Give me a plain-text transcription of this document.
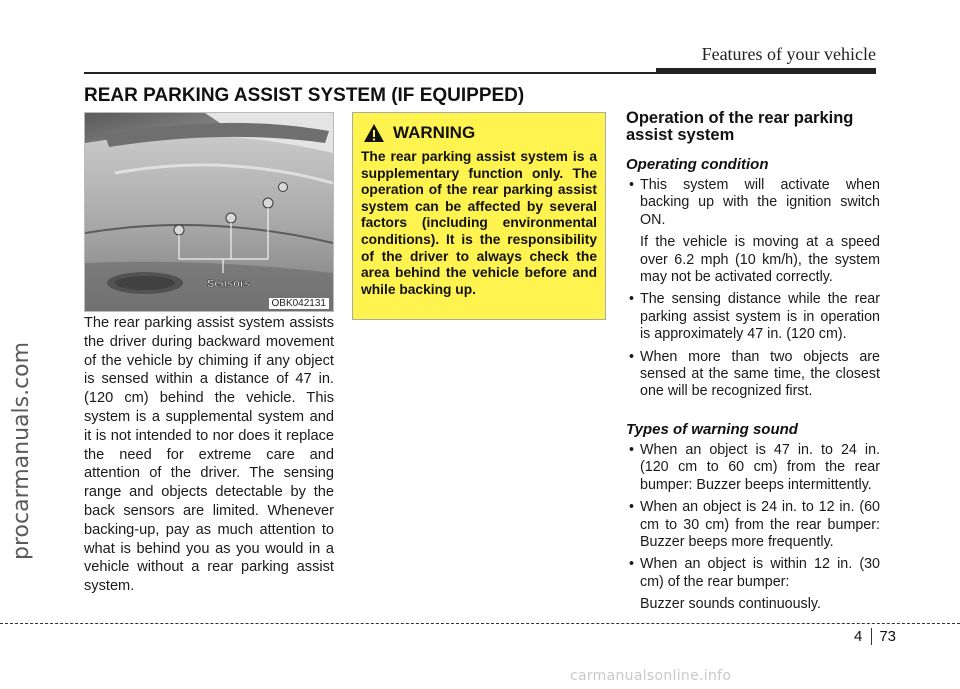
procarmanuals.com
Features of your vehicle
REAR PARKING ASSIST SYSTEM (IF EQUIPPED)
Sensors
OBK042131

The rear parking assist system assists the driver during backward movement of the vehicle by chiming if any object is sensed within a distance of 47 in. (120 cm) behind the vehicle. This system is a supplemental system and it is not intended to nor does it replace the need for extreme care and attention of the driver. The sensing range and objects detectable by the back sensors are limited. Whenever backing-up, pay as much attention to what is behind you as you would in a vehicle without a rear parking assist system.

WARNING

The rear parking assist system is a supplementary function only. The operation of the rear parking assist system can be affected by several factors (including environmental conditions). It is the responsibility of the driver to always check the area behind the vehicle before and while backing up.

Operation of the rear parking assist system
Operating condition

• This system will activate when backing up with the ignition switch ON.

If the vehicle is moving at a speed over 6.2 mph (10 km/h), the system may not be activated correctly.

• The sensing distance while the rear parking assist system is in operation is approximately 47 in. (120 cm).

• When more than two objects are sensed at the same time, the closest one will be recognized first.

Types of warning sound

• When an object is 47 in. to 24 in. (120 cm to 60 cm) from the rear bumper: Buzzer beeps intermittently.

• When an object is 24 in. to 12 in. (60 cm to 30 cm) from the rear bumper: Buzzer beeps more frequently.

• When an object is within 12 in. (30 cm) of the rear bumper:

Buzzer sounds continuously.

4	73
carmanualsonline.info
